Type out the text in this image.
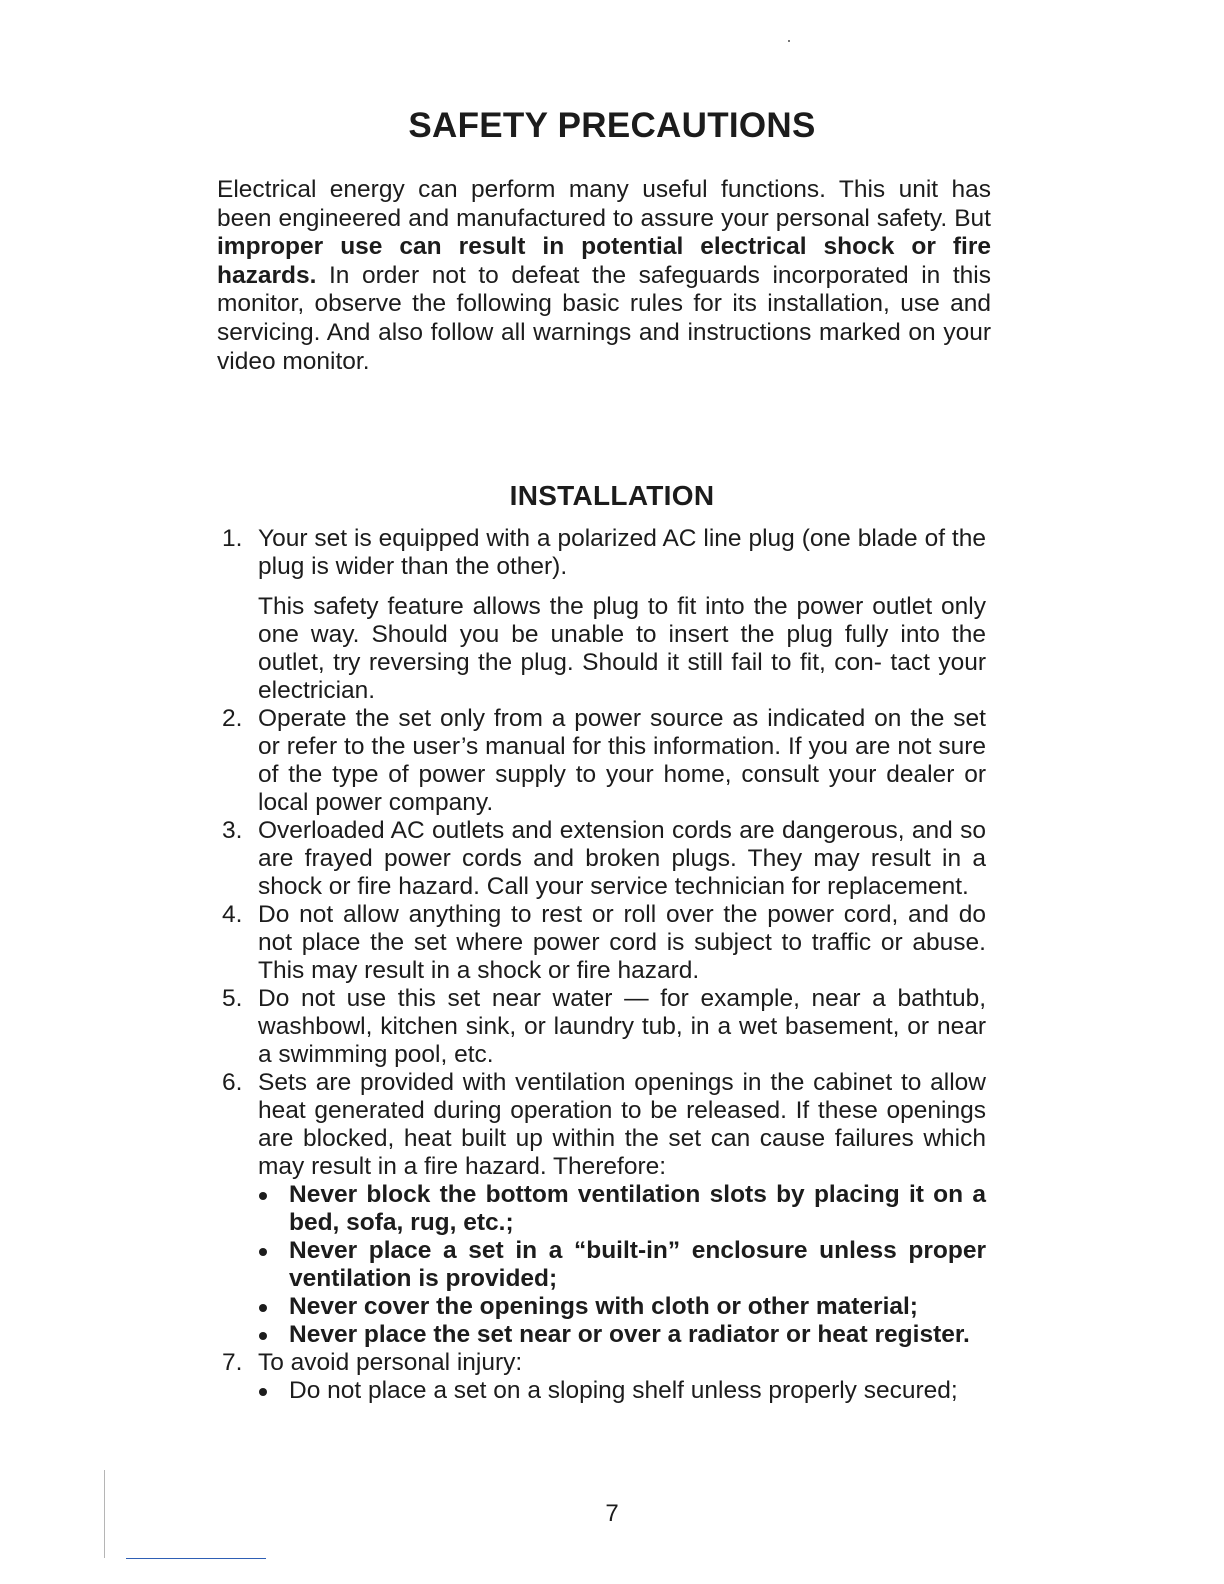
SAFETY PRECAUTIONS

Electrical energy can perform many useful functions. This unit has been engineered and manufactured to assure your personal safety. But improper use can result in potential electrical shock or fire hazards. In order not to defeat the safeguards incorporated in this monitor, observe the following basic rules for its installation, use and servicing. And also follow all warnings and instructions marked on your video monitor.

INSTALLATION
1. Your set is equipped with a polarized AC line plug (one blade of the plug is wider than the other).

This safety feature allows the plug to fit into the power outlet only one way. Should you be unable to insert the plug fully into the outlet, try reversing the plug. Should it still fail to fit, con- tact your electrician.

2. Operate the set only from a power source as indicated on the set or refer to the user’s manual for this information. If you are not sure of the type of power supply to your home, consult your dealer or local power company.

3. Overloaded AC outlets and extension cords are dangerous, and so are frayed power cords and broken plugs. They may result in a shock or fire hazard. Call your service technician for replacement.

4. Do not allow anything to rest or roll over the power cord, and do not place the set where power cord is subject to traffic or abuse. This may result in a shock or fire hazard.

5. Do not use this set near water — for example, near a bathtub, washbowl, kitchen sink, or laundry tub, in a wet basement, or near a swimming pool, etc.

6. Sets are provided with ventilation openings in the cabinet to allow heat generated during operation to be released. If these openings are blocked, heat built up within the set can cause failures which may result in a fire hazard. Therefore:

Never block the bottom ventilation slots by placing it on a bed, sofa, rug, etc.;
Never place a set in a “built-in” enclosure unless proper ventilation is provided;
Never cover the openings with cloth or other material;
Never place the set near or over a radiator or heat register.
7. To avoid personal injury:

Do not place a set on a sloping shelf unless properly secured;
7
